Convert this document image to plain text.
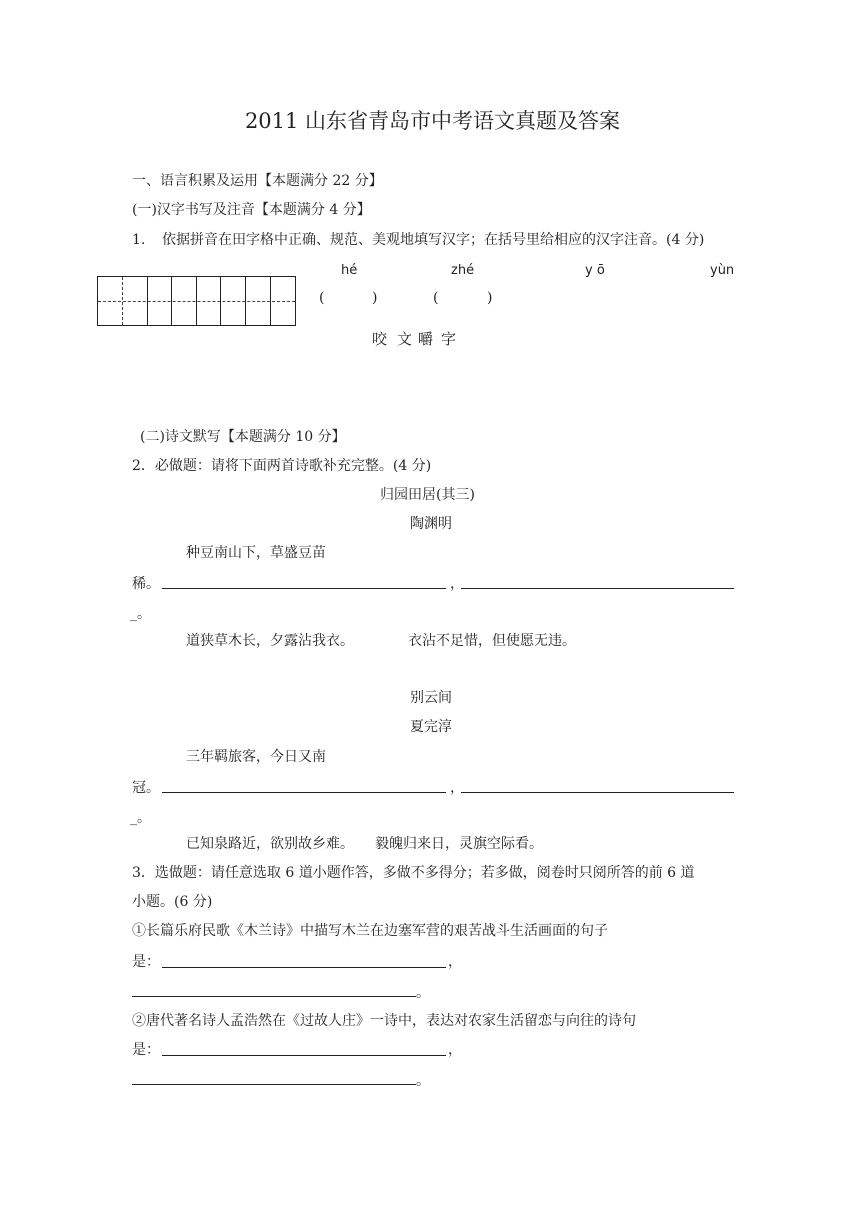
2011 山东省青岛市中考语文真题及答案
一、语言积累及运用【本题满分 22 分】
(一)汉字书写及注音【本题满分 4 分】
1. 依据拼音在田字格中正确、规范、美观地填写汉字；在括号里给相应的汉字注音。(4 分)
hé	zhé	y ō	yùn
(	)	(	)
咬 文 嚼 字
(二)诗文默写【本题满分 10 分】
2．必做题：请将下面两首诗歌补充完整。(4 分)
归园田居(其三)
陶渊明
种豆南山下，草盛豆苗
稀。	，
_。
道狭草木长，夕露沾我衣。	衣沾不足惜，但使愿无违。
别云间
夏完淳
三年羁旅客，今日又南
冠。	，
_。
已知泉路近，欲别故乡难。 毅魄归来日，灵旗空际看。
3．选做题：请任意选取 6 道小题作答，多做不多得分；若多做，阅卷时只阅所答的前 6 道
小题。(6 分)
①长篇乐府民歌《木兰诗》中描写木兰在边塞军营的艰苦战斗生活画面的句子
是：	，
。
②唐代著名诗人孟浩然在《过故人庄》一诗中，表达对农家生活留恋与向往的诗句
是：	，
。
